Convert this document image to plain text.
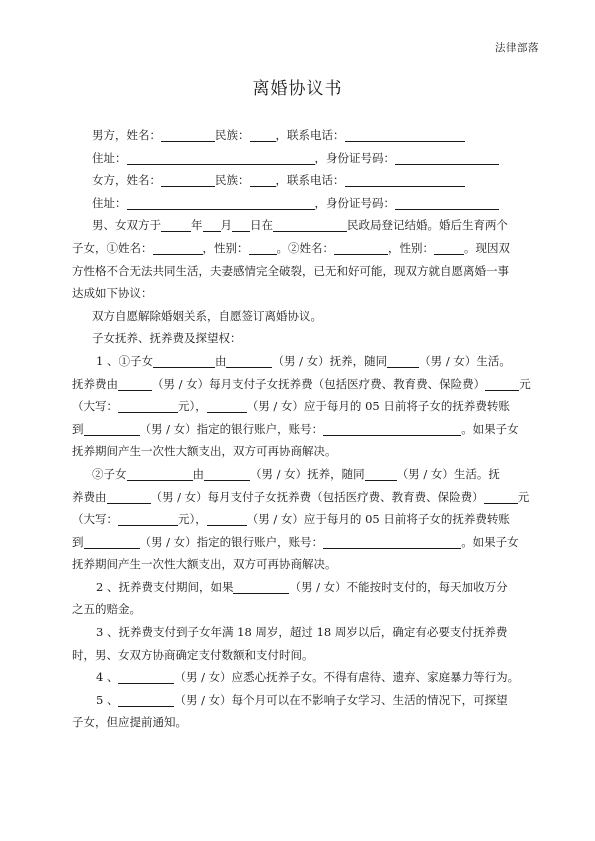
法律部落
离婚协议书
男方，姓名：	民族： ，联系电话：
住址：	，身份证号码：
女方，姓名：	民族： ，联系电话：
住址：	，身份证号码：
男、女双方于	年 月 日在	民政局登记结婚。婚后生育两个
子女，①姓名：	，性别： 。②姓名：	，性别：	。现因双
方性格不合无法共同生活，夫妻感情完全破裂，已无和好可能，现双方就自愿离婚一事
达成如下协议：
双方自愿解除婚姻关系，自愿签订离婚协议。
子女抚养、抚养费及探望权：
1 、①子女	由	（男 / 女）抚养，随同	（男 / 女）生活。
抚养费由	（男 / 女）每月支付子女抚养费（包括医疗费、教育费、保险费）	元
（大写：	元），	（男 / 女）应于每月的 05 日前将子女的抚养费转账
到	（男 / 女）指定的银行账户，账号：	。如果子女
抚养期间产生一次性大额支出，双方可再协商解决。
②子女	由	（男 / 女）抚养，随同	（男 / 女）生活。抚
养费由	（男 / 女）每月支付子女抚养费（包括医疗费、教育费、保险费）	元
（大写：	元），	（男 / 女）应于每月的 05 日前将子女的抚养费转账
到	（男 / 女）指定的银行账户，账号：	。如果子女
抚养期间产生一次性大额支出，双方可再协商解决。
2 、抚养费支付期间，如果	（男 / 女）不能按时支付的，每天加收万分
之五的赔金。
3 、抚养费支付到子女年满 18 周岁，超过 18 周岁以后，确定有必要支付抚养费
时，男、女双方协商确定支付数额和支付时间。
4 、	（男 / 女）应悉心抚养子女。不得有虐待、遗弃、家庭暴力等行为。
5 、	（男 / 女）每个月可以在不影响子女学习、生活的情况下，可探望
子女，但应提前通知。
